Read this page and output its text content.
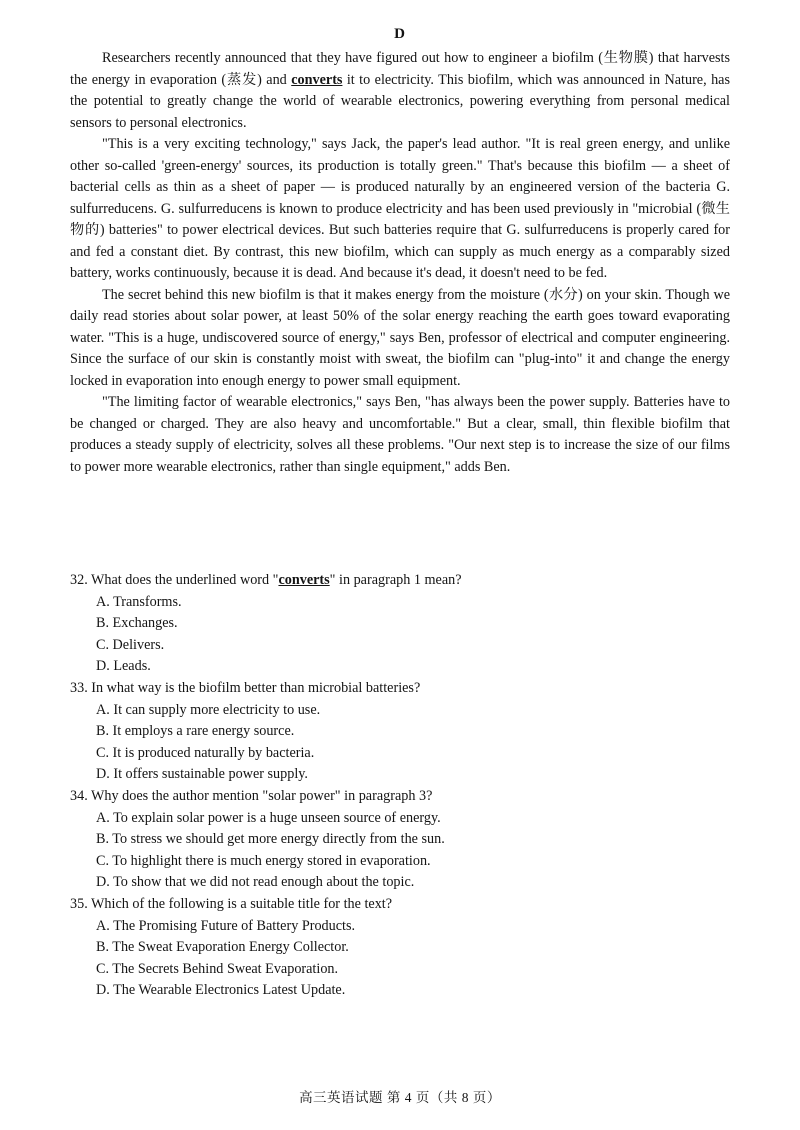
D

Researchers recently announced that they have figured out how to engineer a biofilm (生物膜) that harvests the energy in evaporation (蒸发) and converts it to electricity. This biofilm, which was announced in Nature, has the potential to greatly change the world of wearable electronics, powering everything from personal medical sensors to personal electronics.

"This is a very exciting technology," says Jack, the paper's lead author. "It is real green energy, and unlike other so-called 'green-energy' sources, its production is totally green." That's because this biofilm — a sheet of bacterial cells as thin as a sheet of paper — is produced naturally by an engineered version of the bacteria G. sulfurreducens. G. sulfurreducens is known to produce electricity and has been used previously in "microbial (微生物的) batteries" to power electrical devices. But such batteries require that G. sulfurreducens is properly cared for and fed a constant diet. By contrast, this new biofilm, which can supply as much energy as a comparably sized battery, works continuously, because it is dead. And because it's dead, it doesn't need to be fed.

The secret behind this new biofilm is that it makes energy from the moisture (水分) on your skin. Though we daily read stories about solar power, at least 50% of the solar energy reaching the earth goes toward evaporating water. "This is a huge, undiscovered source of energy," says Ben, professor of electrical and computer engineering. Since the surface of our skin is constantly moist with sweat, the biofilm can "plug-into" it and change the energy locked in evaporation into enough energy to power small equipment.

"The limiting factor of wearable electronics," says Ben, "has always been the power supply. Batteries have to be changed or charged. They are also heavy and uncomfortable." But a clear, small, thin flexible biofilm that produces a steady supply of electricity, solves all these problems. "Our next step is to increase the size of our films to power more wearable electronics, rather than single equipment," adds Ben.

32. What does the underlined word "converts" in paragraph 1 mean?
A. Transforms.
B. Exchanges.
C. Delivers.
D. Leads.
33. In what way is the biofilm better than microbial batteries?
A. It can supply more electricity to use.
B. It employs a rare energy source.
C. It is produced naturally by bacteria.
D. It offers sustainable power supply.
34. Why does the author mention "solar power" in paragraph 3?
A. To explain solar power is a huge unseen source of energy.
B. To stress we should get more energy directly from the sun.
C. To highlight there is much energy stored in evaporation.
D. To show that we did not read enough about the topic.
35. Which of the following is a suitable title for the text?
A. The Promising Future of Battery Products.
B. The Sweat Evaporation Energy Collector.
C. The Secrets Behind Sweat Evaporation.
D. The Wearable Electronics Latest Update.
高三英语试题 第 4 页（共 8 页）
